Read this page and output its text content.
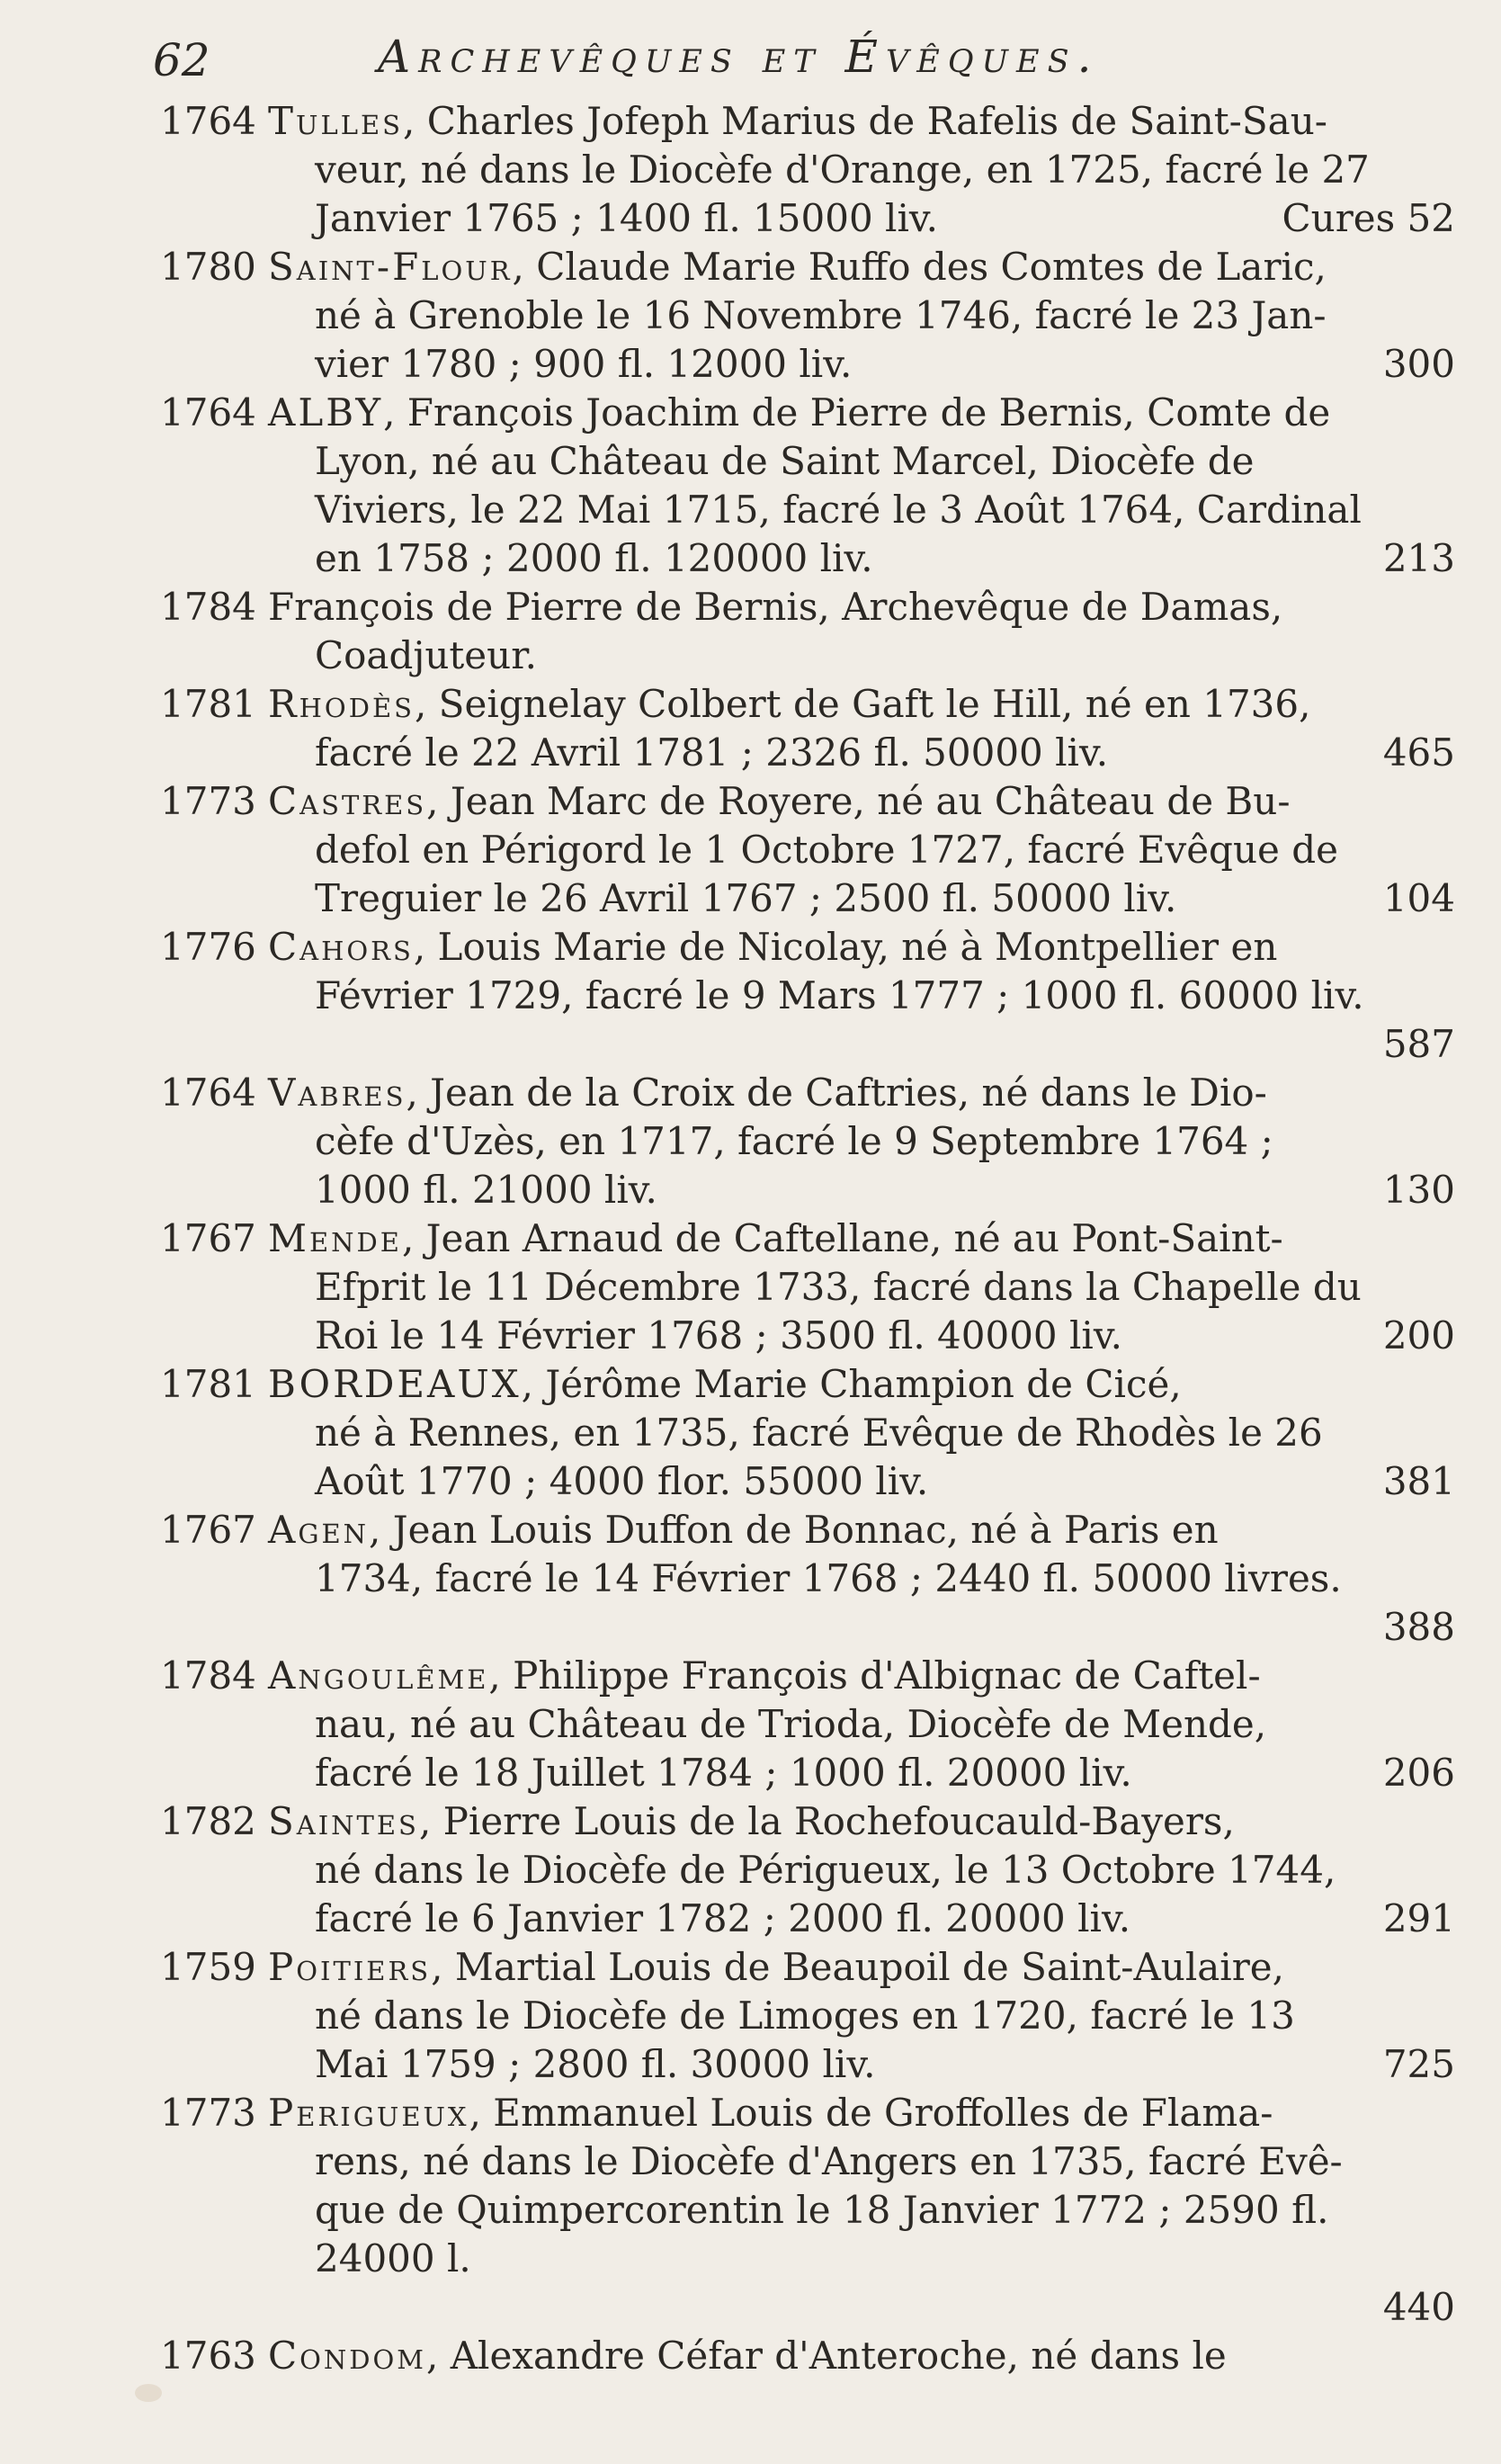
62	Archevêques et Évêques.
1764 Tulles, Charles Jofeph Marius de Rafelis de Saint-Sau-
veur, né dans le Diocèfe d'Orange, en 1725, facré le 27
Janvier 1765 ; 1400 fl. 15000 liv.	Cures 52
1780 Saint-Flour, Claude Marie Ruffo des Comtes de Laric,
né à Grenoble le 16 Novembre 1746, facré le 23 Jan-
vier 1780 ; 900 fl. 12000 liv.	300
1764 ALBY, François Joachim de Pierre de Bernis, Comte de
Lyon, né au Château de Saint Marcel, Diocèfe de
Viviers, le 22 Mai 1715, facré le 3 Août 1764, Cardinal
en 1758 ; 2000 fl. 120000 liv.	213
1784 François de Pierre de Bernis, Archevêque de Damas,
Coadjuteur.
1781 Rhodès, Seignelay Colbert de Gaft le Hill, né en 1736,
facré le 22 Avril 1781 ; 2326 fl. 50000 liv.	465
1773 Castres, Jean Marc de Royere, né au Château de Bu-
defol en Périgord le 1 Octobre 1727, facré Evêque de
Treguier le 26 Avril 1767 ; 2500 fl. 50000 liv.	104
1776 Cahors, Louis Marie de Nicolay, né à Montpellier en
Février 1729, facré le 9 Mars 1777 ; 1000 fl. 60000 liv.
587
1764 Vabres, Jean de la Croix de Caftries, né dans le Dio-
cèfe d'Uzès, en 1717, facré le 9 Septembre 1764 ;
1000 fl. 21000 liv.	130
1767 Mende, Jean Arnaud de Caftellane, né au Pont-Saint-
Efprit le 11 Décembre 1733, facré dans la Chapelle du
Roi le 14 Février 1768 ; 3500 fl. 40000 liv.	200
1781 BORDEAUX, Jérôme Marie Champion de Cicé,
né à Rennes, en 1735, facré Evêque de Rhodès le 26
Août 1770 ; 4000 flor. 55000 liv.	381
1767 Agen, Jean Louis Duffon de Bonnac, né à Paris en
1734, facré le 14 Février 1768 ; 2440 fl. 50000 livres.
388
1784 Angoulême, Philippe François d'Albignac de Caftel-
nau, né au Château de Trioda, Diocèfe de Mende,
facré le 18 Juillet 1784 ; 1000 fl. 20000 liv.	206
1782 Saintes, Pierre Louis de la Rochefoucauld-Bayers,
né dans le Diocèfe de Périgueux, le 13 Octobre 1744,
facré le 6 Janvier 1782 ; 2000 fl. 20000 liv.	291
1759 Poitiers, Martial Louis de Beaupoil de Saint-Aulaire,
né dans le Diocèfe de Limoges en 1720, facré le 13
Mai 1759 ; 2800 fl. 30000 liv.	725
1773 Perigueux, Emmanuel Louis de Groffolles de Flama-
rens, né dans le Diocèfe d'Angers en 1735, facré Evê-
que de Quimpercorentin le 18 Janvier 1772 ; 2590 fl.
24000 l.
440
1763 Condom, Alexandre Céfar d'Anteroche, né dans le
